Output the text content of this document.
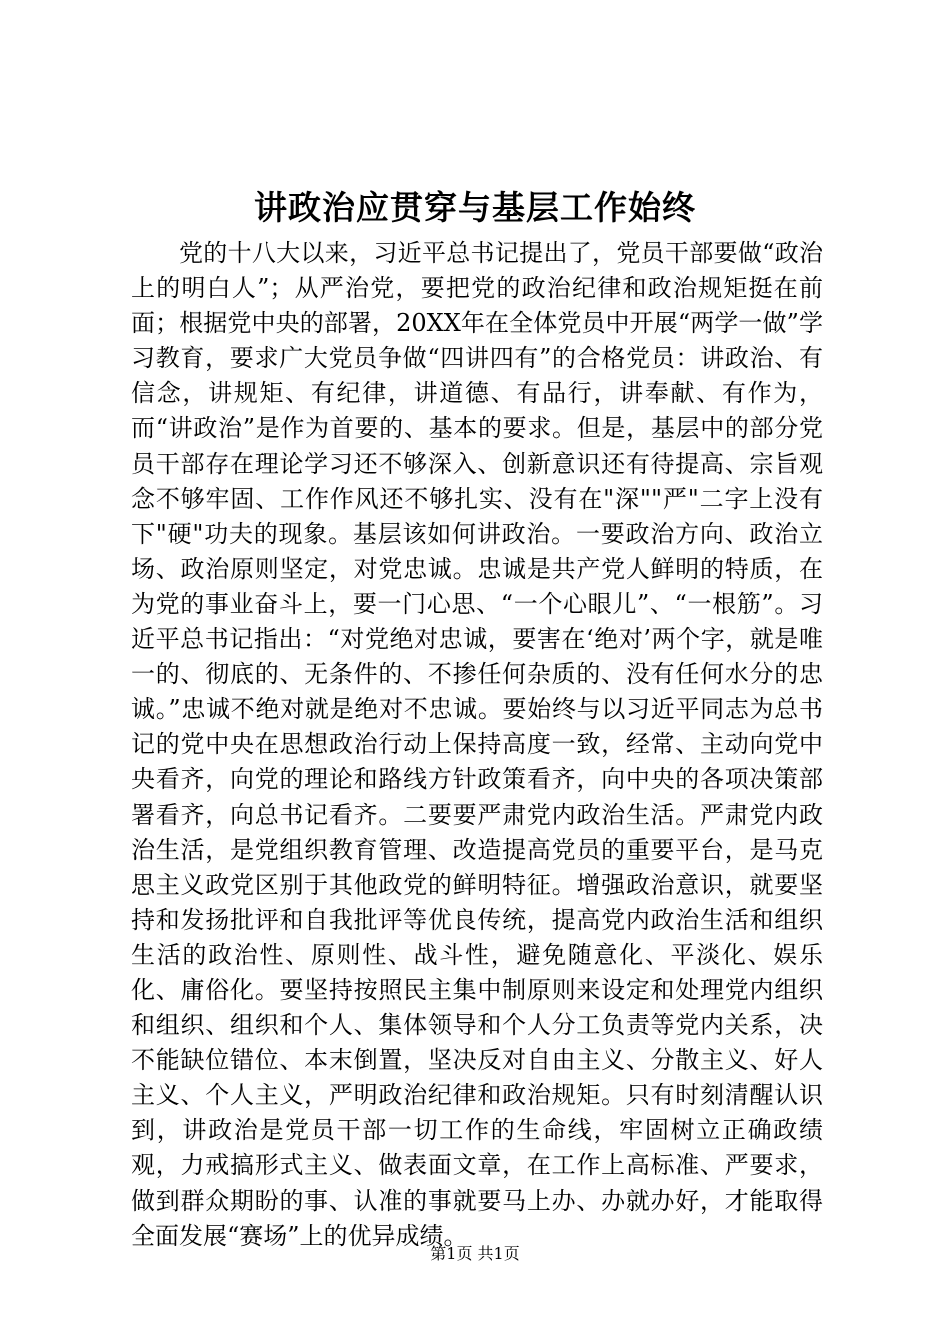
讲政治应贯穿与基层工作始终

党的十八大以来，习近平总书记提出了，党员干部要做“政治上的明白人”；从严治党，要把党的政治纪律和政治规矩挺在前面；根据党中央的部署，20XX年在全体党员中开展“两学一做”学习教育，要求广大党员争做“四讲四有”的合格党员：讲政治、有信念，讲规矩、有纪律，讲道德、有品行，讲奉献、有作为，而“讲政治”是作为首要的、基本的要求。但是，基层中的部分党员干部存在理论学习还不够深入、创新意识还有待提高、宗旨观念不够牢固、工作作风还不够扎实、没有在"深""严"二字上没有下"硬"功夫的现象。基层该如何讲政治。一要政治方向、政治立场、政治原则坚定，对党忠诚。忠诚是共产党人鲜明的特质，在为党的事业奋斗上，要一门心思、“一个心眼儿”、“一根筋”。习近平总书记指出：“对党绝对忠诚，要害在‘绝对’两个字，就是唯一的、彻底的、无条件的、不掺任何杂质的、没有任何水分的忠诚。”忠诚不绝对就是绝对不忠诚。要始终与以习近平同志为总书记的党中央在思想政治行动上保持高度一致，经常、主动向党中央看齐，向党的理论和路线方针政策看齐，向中央的各项决策部署看齐，向总书记看齐。二要要严肃党内政治生活。严肃党内政治生活，是党组织教育管理、改造提高党员的重要平台，是马克思主义政党区别于其他政党的鲜明特征。增强政治意识，就要坚持和发扬批评和自我批评等优良传统，提高党内政治生活和组织生活的政治性、原则性、战斗性，避免随意化、平淡化、娱乐化、庸俗化。要坚持按照民主集中制原则来设定和处理党内组织和组织、组织和个人、集体领导和个人分工负责等党内关系，决不能缺位错位、本末倒置，坚决反对自由主义、分散主义、好人主义、个人主义，严明政治纪律和政治规矩。只有时刻清醒认识到，讲政治是党员干部一切工作的生命线，牢固树立正确政绩观，力戒搞形式主义、做表面文章，在工作上高标准、严要求，做到群众期盼的事、认准的事就要马上办、办就办好，才能取得全面发展“赛场”上的优异成绩。

第1页 共1页
